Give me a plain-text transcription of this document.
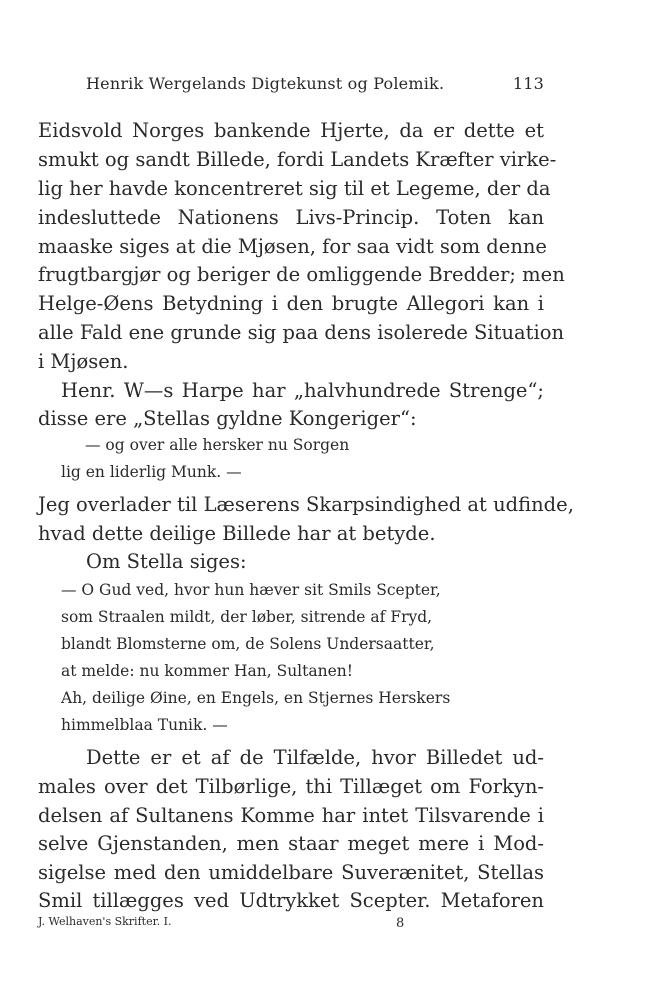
Henrik Wergelands Digtekunst og Polemik.	113
Eidsvold Norges bankende Hjerte, da er dette et
smukt og sandt Billede, fordi Landets Kræfter virke-
lig her havde koncentreret sig til et Legeme, der da
indesluttede Nationens Livs-Princip. Toten kan
maaske siges at die Mjøsen, for saa vidt som denne
frugtbargjør og beriger de omliggende Bredder; men
Helge-Øens Betydning i den brugte Allegori kan i
alle Fald ene grunde sig paa dens isolerede Situation
i Mjøsen.
Henr. W—s Harpe har „halvhundrede Strenge“;
disse ere „Stellas gyldne Kongeriger“:
— og over alle hersker nu Sorgen
lig en liderlig Munk. —
Jeg overlader til Læserens Skarpsindighed at udfinde,
hvad dette deilige Billede har at betyde.
Om Stella siges:
— O Gud ved, hvor hun hæver sit Smils Scepter,
som Straalen mildt, der løber, sitrende af Fryd,
blandt Blomsterne om, de Solens Undersaatter,
at melde: nu kommer Han, Sultanen!
Ah, deilige Øine, en Engels, en Stjernes Herskers
himmelblaa Tunik. —
Dette er et af de Tilfælde, hvor Billedet ud-
males over det Tilbørlige, thi Tillæget om Forkyn-
delsen af Sultanens Komme har intet Tilsvarende i
selve Gjenstanden, men staar meget mere i Mod-
sigelse med den umiddelbare Suverænitet, Stellas
Smil tillægges ved Udtrykket Scepter. Metaforen
J. Welhaven's Skrifter. I.	8
